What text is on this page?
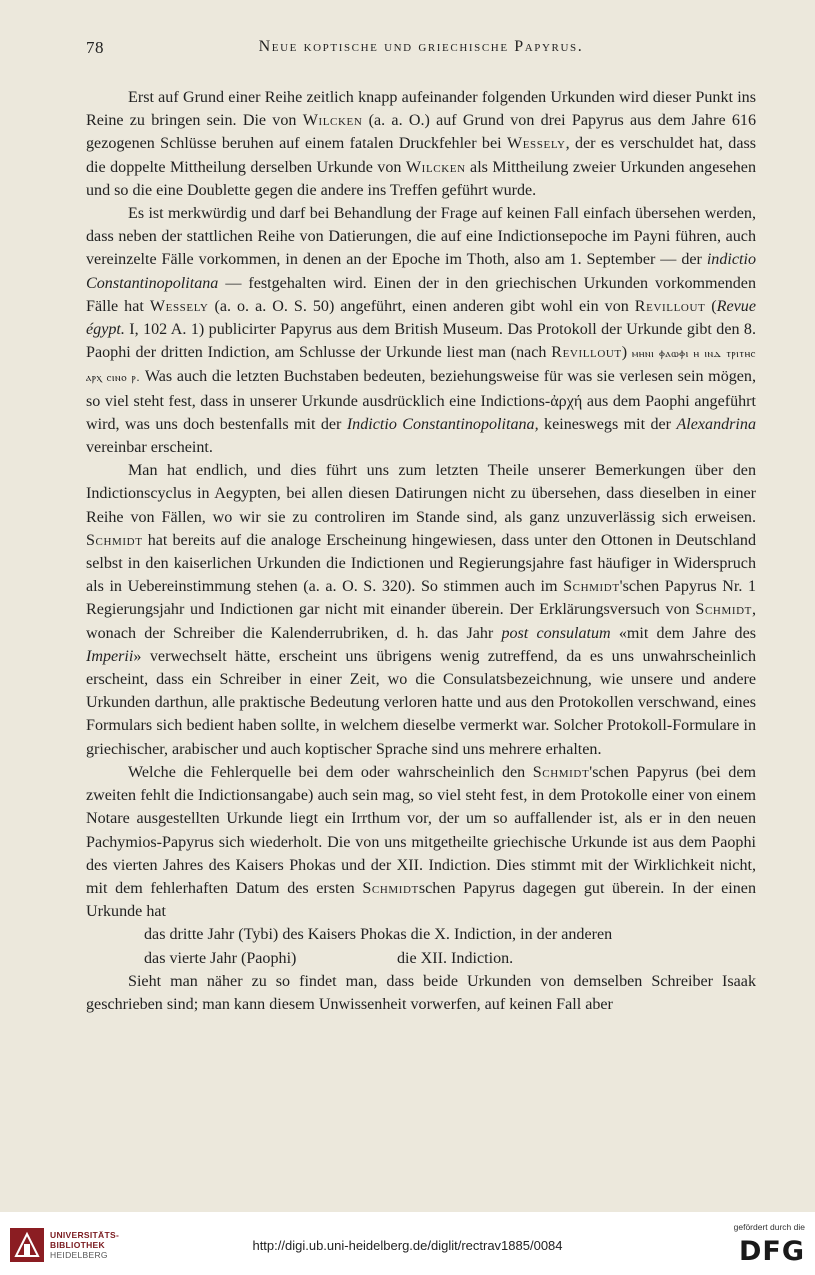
78	Neue koptische und griechische Papyrus.

Erst auf Grund einer Reihe zeitlich knapp aufeinander folgenden Urkunden wird dieser Punkt ins Reine zu bringen sein. Die von Wilcken (a. a. O.) auf Grund von drei Papyrus aus dem Jahre 616 gezogenen Schlüsse beruhen auf einem fatalen Druckfehler bei Wessely, der es verschuldet hat, dass die doppelte Mittheilung derselben Urkunde von Wilcken als Mittheilung zweier Urkunden angesehen und so die eine Doublette gegen die andere ins Treffen geführt wurde.

Es ist merkwürdig und darf bei Behandlung der Frage auf keinen Fall einfach übersehen werden, dass neben der stattlichen Reihe von Datierungen, die auf eine Indictionsepoche im Payni führen, auch vereinzelte Fälle vorkommen, in denen an der Epoche im Thoth, also am 1. September — der indictio Constantinopolitana — festgehalten wird. Einen der in den griechischen Urkunden vorkommenden Fälle hat Wessely (a. o. a. O. S. 50) angeführt, einen anderen gibt wohl ein von Revillout (Revue égypt. I, 102 A. 1) publicirter Papyrus aus dem British Museum. Das Protokoll der Urkunde gibt den 8. Paophi der dritten Indiction, am Schlusse der Urkunde liest man (nach Revillout) ⲙⲏⲛⲓ ⲫⲁⲱⲫⲓ ⲏ ⲓⲛⲇ ⲧⲣⲓⲧⲏⲥ ⲁⲣⲭ ⲥⲓⲛⲟ ⲣ. Was auch die letzten Buchstaben bedeuten, beziehungsweise für was sie verlesen sein mögen, so viel steht fest, dass in unserer Urkunde ausdrücklich eine Indictions-ἀρχή aus dem Paophi angeführt wird, was uns doch bestenfalls mit der Indictio Constantinopolitana, keineswegs mit der Alexandrina vereinbar erscheint.

Man hat endlich, und dies führt uns zum letzten Theile unserer Bemerkungen über den Indictionscyclus in Aegypten, bei allen diesen Datirungen nicht zu übersehen, dass dieselben in einer Reihe von Fällen, wo wir sie zu controliren im Stande sind, als ganz unzuverlässig sich erweisen. Schmidt hat bereits auf die analoge Erscheinung hingewiesen, dass unter den Ottonen in Deutschland selbst in den kaiserlichen Urkunden die Indictionen und Regierungsjahre fast häufiger in Widerspruch als in Uebereinstimmung stehen (a. a. O. S. 320). So stimmen auch im Schmidt'schen Papyrus Nr. 1 Regierungsjahr und Indictionen gar nicht mit einander überein. Der Erklärungsversuch von Schmidt, wonach der Schreiber die Kalenderrubriken, d. h. das Jahr post consulatum «mit dem Jahre des Imperii» verwechselt hätte, erscheint uns übrigens wenig zutreffend, da es uns unwahrscheinlich erscheint, dass ein Schreiber in einer Zeit, wo die Consulatsbezeichnung, wie unsere und andere Urkunden darthun, alle praktische Bedeutung verloren hatte und aus den Protokollen verschwand, eines Formulars sich bedient haben sollte, in welchem dieselbe vermerkt war. Solcher Protokoll-Formulare in griechischer, arabischer und auch koptischer Sprache sind uns mehrere erhalten.

Welche die Fehlerquelle bei dem oder wahrscheinlich den Schmidt'schen Papyrus (bei dem zweiten fehlt die Indictionsangabe) auch sein mag, so viel steht fest, in dem Protokolle einer von einem Notare ausgestellten Urkunde liegt ein Irrthum vor, der um so auffallender ist, als er in den neuen Pachymios-Papyrus sich wiederholt. Die von uns mitgetheilte griechische Urkunde ist aus dem Paophi des vierten Jahres des Kaisers Phokas und der XII. Indiction. Dies stimmt mit der Wirklichkeit nicht, mit dem fehlerhaften Datum des ersten Schmidtschen Papyrus dagegen gut überein. In der einen Urkunde hat

das dritte Jahr (Tybi) des Kaisers Phokas die X. Indiction, in der anderen

das vierte Jahr (Paophi)                         die XII. Indiction.

Sieht man näher zu so findet man, dass beide Urkunden von demselben Schreiber Isaak geschrieben sind; man kann diesem Unwissenheit vorwerfen, auf keinen Fall aber

UNIVERSITÄTS-
BIBLIOTHEK
HEIDELBERG
http://digi.ub.uni-heidelberg.de/diglit/rectrav1885/0084
gefördert durch die
DFG
